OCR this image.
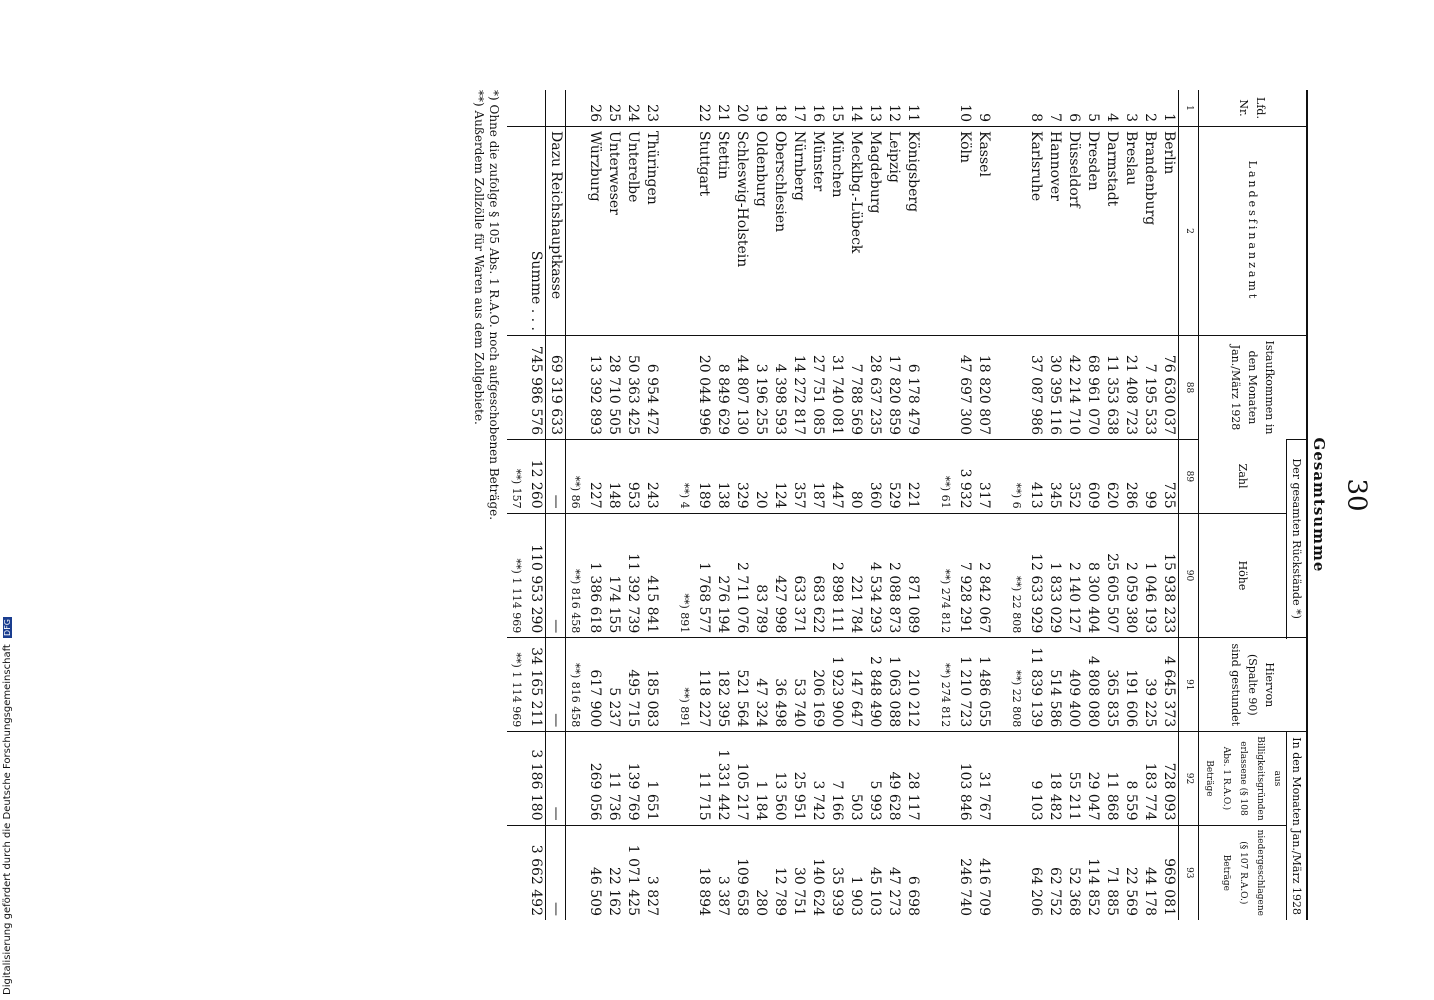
30
Gesamtsumme
Lfd. Nr.	Landesfinanzamt	Istaufkommen in den Monaten Jan./März 1928	Der gesamten Rückstände *)		Hiervon (Spalte 90) sind gestundet	In den Monaten Jan./März 1928	
			Zahl	Höhe		aus Billigkeitsgründen erlassene (§ 108 Abs. 1 R.A.O.) Beträge	niedergeschlagene (§ 107 R.A.O.) Beträge
1	2	88	89	90	91	92	93
1	Berlin	76 630 037	735	15 938 233	4 645 373	728 093	969 081
2	Brandenburg	7 195 533	99	1 046 193	39 225	183 774	44 178
3	Breslau	21 408 723	286	2 059 380	191 606	8 559	22 569
4	Darmstadt	11 353 638	620	25 605 507	365 835	11 868	71 885
5	Dresden	68 961 070	609	8 300 404	4 808 080	29 047	114 852
6	Düsseldorf	42 214 710	352	2 140 127	409 400	55 211	52 368
7	Hannover	30 395 116	345	1 833 029	514 586	18 482	62 752
8	Karlsruhe	37 087 986	413	12 633 929	11 839 139	9 103	64 206
			**) 6	**) 22 808	**) 22 808		

9	Kassel	18 820 807	317	2 842 067	1 486 055	31 767	416 709
10	Köln	47 697 300	3 932	7 928 291	1 210 723	103 846	246 740
			**) 61	**) 274 812	**) 274 812		

11	Königsberg	6 178 479	221	871 089	210 212	28 117	6 698
12	Leipzig	17 820 859	529	2 088 873	1 063 088	49 628	47 273
13	Magdeburg	28 637 235	360	4 534 293	2 848 490	5 993	45 103
14	Mecklbg.-Lübeck	7 788 569	80	221 784	147 647	503	1 903
15	München	31 740 081	447	2 898 111	1 923 900	7 166	35 939
16	Münster	27 751 085	187	683 622	206 169	3 742	140 624
17	Nürnberg	14 272 817	357	633 371	53 740	25 951	30 751
18	Oberschlesien	4 398 593	124	427 998	36 498	13 560	12 789
19	Oldenburg	3 196 255	20	83 789	47 324	1 184	280
20	Schleswig-Holstein	44 807 130	329	2 711 076	521 564	105 217	109 658
21	Stettin	8 849 629	138	276 194	182 395	1 331 442	3 387
22	Stuttgart	20 044 996	189	1 768 577	118 227	11 715	18 894
			**) 4	**) 891	**) 891		

23	Thüringen	6 954 472	243	415 841	185 083	1 651	3 827
24	Unterelbe	50 363 425	953	11 392 739	495 715	139 769	1 071 425
25	Unterweser	28 710 505	148	174 155	5 237	11 736	22 162
26	Würzburg	13 392 893	227	1 386 618	617 900	269 056	46 509
			**) 86	**) 816 458	**) 816 458		
	Dazu Reichshauptkasse	69 319 633	—	—	—	—	—
	Summe . . .	745 986 576	12 260	110 953 290	34 165 211	3 186 180	3 662 492
			**) 157	**) 1 114 969	**) 1 114 969		
*) Ohne die zufolge § 105 Abs. 1 R.A.O. noch aufgeschobenen Beträge.
**) Außerdem Zollzölle für Waren aus dem Zollgebiete.
Digitalisierung gefördert durch die Deutsche Forschungsgemeinschaft DFG
